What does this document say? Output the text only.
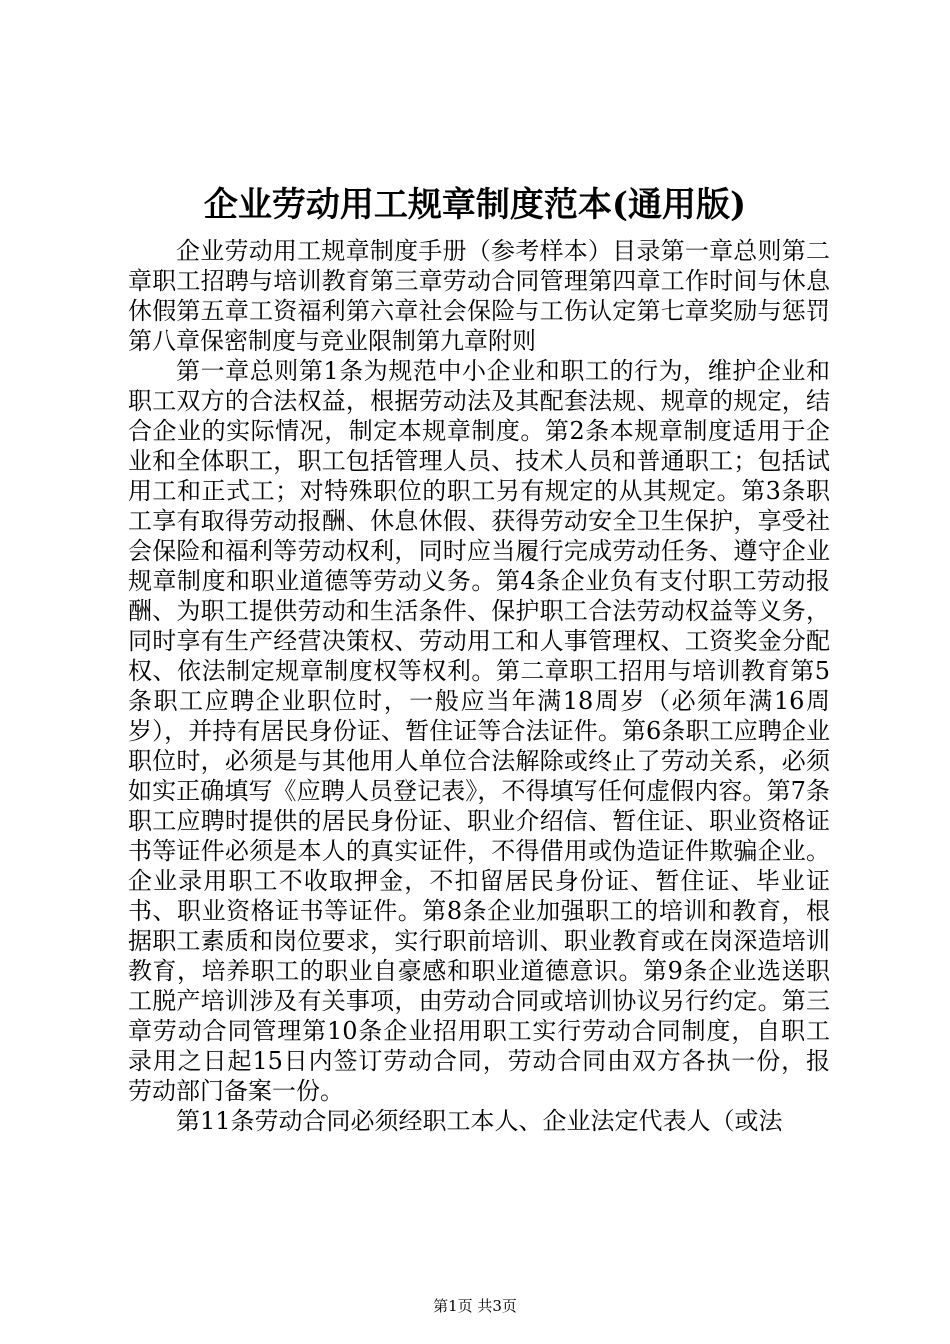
企业劳动用工规章制度范本(通用版)

企业劳动用工规章制度手册（参考样本）目录第一章总则第二章职工招聘与培训教育第三章劳动合同管理第四章工作时间与休息休假第五章工资福利第六章社会保险与工伤认定第七章奖励与惩罚第八章保密制度与竞业限制第九章附则

第一章总则第1条为规范中小企业和职工的行为，维护企业和职工双方的合法权益，根据劳动法及其配套法规、规章的规定，结合企业的实际情况，制定本规章制度。第2条本规章制度适用于企业和全体职工，职工包括管理人员、技术人员和普通职工；包括试用工和正式工；对特殊职位的职工另有规定的从其规定。第3条职工享有取得劳动报酬、休息休假、获得劳动安全卫生保护，享受社会保险和福利等劳动权利，同时应当履行完成劳动任务、遵守企业规章制度和职业道德等劳动义务。第4条企业负有支付职工劳动报酬、为职工提供劳动和生活条件、保护职工合法劳动权益等义务，同时享有生产经营决策权、劳动用工和人事管理权、工资奖金分配权、依法制定规章制度权等权利。第二章职工招用与培训教育第5条职工应聘企业职位时，一般应当年满18周岁（必须年满16周岁），并持有居民身份证、暂住证等合法证件。第6条职工应聘企业职位时，必须是与其他用人单位合法解除或终止了劳动关系，必须如实正确填写《应聘人员登记表》，不得填写任何虚假内容。第7条职工应聘时提供的居民身份证、职业介绍信、暂住证、职业资格证书等证件必须是本人的真实证件，不得借用或伪造证件欺骗企业。企业录用职工不收取押金，不扣留居民身份证、暂住证、毕业证书、职业资格证书等证件。第8条企业加强职工的培训和教育，根据职工素质和岗位要求，实行职前培训、职业教育或在岗深造培训教育，培养职工的职业自豪感和职业道德意识。第9条企业选送职工脱产培训涉及有关事项，由劳动合同或培训协议另行约定。第三章劳动合同管理第10条企业招用职工实行劳动合同制度，自职工录用之日起15日内签订劳动合同，劳动合同由双方各执一份，报劳动部门备案一份。

第11条劳动合同必须经职工本人、企业法定代表人（或法

第1页 共3页
